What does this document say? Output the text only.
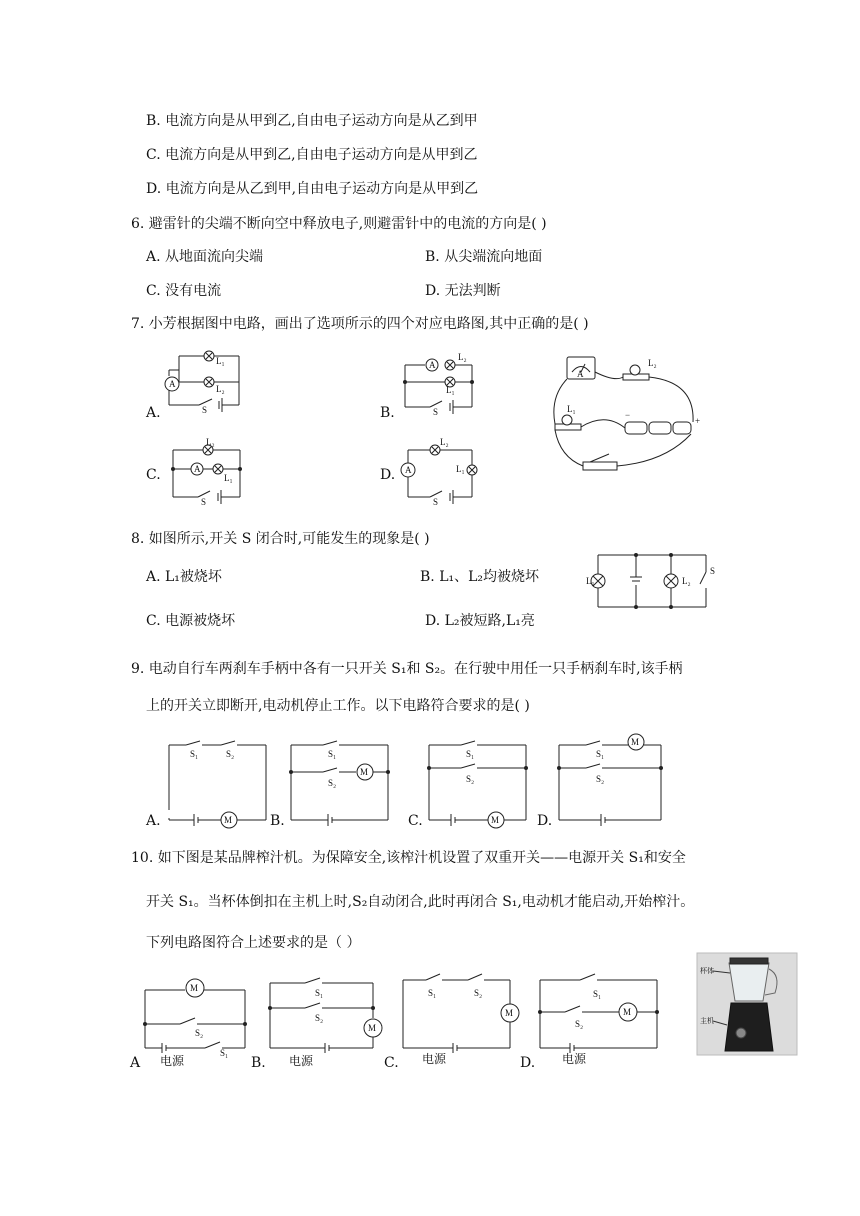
B. 电流方向是从甲到乙,自由电子运动方向是从乙到甲
C. 电流方向是从甲到乙,自由电子运动方向是从甲到乙
D. 电流方向是从乙到甲,自由电子运动方向是从甲到乙
6. 避雷针的尖端不断向空中释放电子,则避雷针中的电流的方向是( )
A. 从地面流向尖端	B. 从尖端流向地面
C. 没有电流	D. 无法判断
7. 小芳根据图中电路，画出了选项所示的四个对应电路图,其中正确的是( )
A.
A
L₁
L₂
S	B.
A
L₂
L₁
S
C.	A
L₂
L₁
S
D. A
L₂
L₁
S
A
L₂
L₁
+
−
8. 如图所示,开关 S 闭合时,可能发生的现象是( )
A. L₁被烧坏	B. L₁、L₂均被烧坏
C. 电源被烧坏	D. L₂被短路,L₁亮
L₁	L₂
S
9. 电动自行车两刹车手柄中各有一只开关 S₁和 S₂。在行驶中用任一只手柄刹车时,该手柄
上的开关立即断开,电动机停止工作。以下电路符合要求的是( )
A.	M
S₁	S₂
B.
M
S₁
S₂
C.	M
S₁
S₂
D.
M
S₁
S₂
10. 如下图是某品牌榨汁机。为保障安全,该榨汁机设置了双重开关——电源开关 S₁和安全
开关 S₁。当杯体倒扣在主机上时,S₂自动闭合,此时再闭合 S₁,电动机才能启动,开始榨汁。
下列电路图符合上述要求的是（ ）
A
M
S₂
S₁
电源	B.
M
S₁
S₂
电源	C.
M
S₁	S₂
电源	D.
M
S₁
S₂
电源
杯体
主机
